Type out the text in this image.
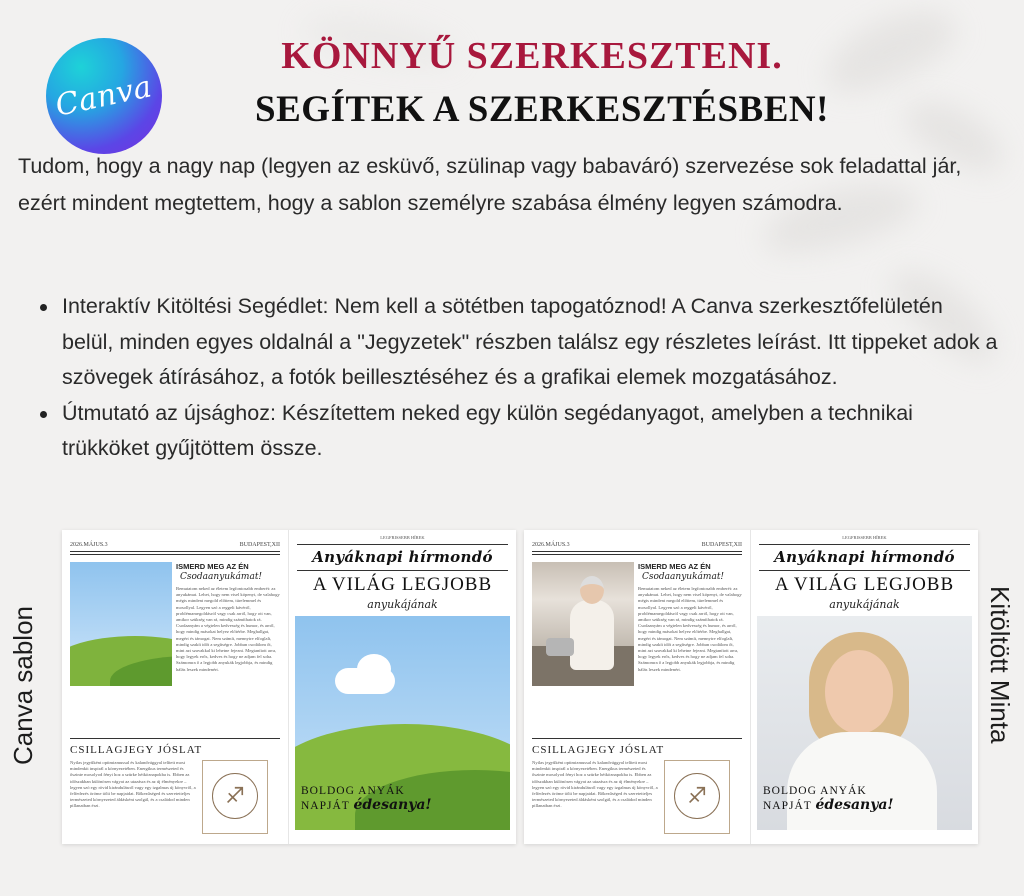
Canva
KÖNNYŰ SZERKESZTENI.
SEGÍTEK A SZERKESZTÉSBEN!

Tudom, hogy a nagy nap (legyen az esküvő, szülinap vagy babaváró) szervezése sok feladattal jár, ezért mindent megtettem, hogy a sablon személyre szabása élmény legyen számodra.

Interaktív Kitöltési Segédlet: Nem kell a sötétben tapogatóznod! A Canva szerkesztőfelületén belül, minden egyes oldalnál a "Jegyzetek" részben találsz egy részletes leírást. Itt tippeket adok a szövegek átírásához, a fotók beillesztéséhez és a grafikai elemek mozgatásához.
Útmutató az újsághoz: Készítettem neked egy külön segédanyagot, amelyben a technikai trükköket gyűjtöttem össze.
Canva sablon	Kitöltött Minta
2026.MÁJUS.3	BUDAPEST,XII
ISMERD MEG AZ ÉN
Csodaanyukámat!
Bemutatom neked az életem legfontosabb emberét: az anyukámat. Lehet, hogy nem visel köpenyt, de valahogy mégis mindent megold előttem, türelemmel és mosollyal. Legyen szó a reggeli kávéról, problémamegoldásról vagy csak arról, hogy ott van, amikor szükség van rá, mindig számíthatok rá. Csodaanyám a végtelen kedvesség és humor, és arról, hogy mindig másokat helyez előtérbe. Meghallgat, megért és támogat. Nem számít, mennyire elfoglalt, mindig szakít időt a segítségre. Jobban csodálom őt, mint azt szavakkal ki lehetne fejezni. Megtanított arra, hogy legyek erős, kedves és hogy ne adjam fel soha. Számomra ő a legjobb anyukák legjobbja, és mindig hálás leszek mindenért.
CSILLAGJEGY JÓSLAT
Nyilas jegyűként optimizmussal és kalandvággyal telített most mindenkit inspirál a környezetében. Energikus természeted és őszinte mosolyod fényt hoz a szürke hétköznapokba is. Ebben az időszakban különösen vágyat az utazásra és az új élményekre – legyen szó egy rövid kirándulásról vagy egy izgalmas új könyvről, a felfedezés öröme tölti be napjaidat. Bőkezűséged és szeretetteljes természeted környezeted áldásként szolgál, és a családod minden pillanatban érzi.	♐
LEGFRISSEBB HÍREK
Anyáknapi hírmondó
A VILÁG LEGJOBB
anyukájának
BOLDOG ANYÁK
NAPJÁT édesanya!
2026.MÁJUS.3	BUDAPEST,XII
ISMERD MEG AZ ÉN
Csodaanyukámat!
Bemutatom neked az életem legfontosabb emberét: az anyukámat. Lehet, hogy nem visel köpenyt, de valahogy mégis mindent megold előttem, türelemmel és mosollyal. Legyen szó a reggeli kávéról, problémamegoldásról vagy csak arról, hogy ott van, amikor szükség van rá, mindig számíthatok rá. Csodaanyám a végtelen kedvesség és humor, és arról, hogy mindig másokat helyez előtérbe. Meghallgat, megért és támogat. Nem számít, mennyire elfoglalt, mindig szakít időt a segítségre. Jobban csodálom őt, mint azt szavakkal ki lehetne fejezni. Megtanított arra, hogy legyek erős, kedves és hogy ne adjam fel soha. Számomra ő a legjobb anyukák legjobbja, és mindig hálás leszek mindenért.
CSILLAGJEGY JÓSLAT
Nyilas jegyűként optimizmussal és kalandvággyal telített most mindenkit inspirál a környezetében. Energikus természeted és őszinte mosolyod fényt hoz a szürke hétköznapokba is. Ebben az időszakban különösen vágyat az utazásra és az új élményekre – legyen szó egy rövid kirándulásról vagy egy izgalmas új könyvről, a felfedezés öröme tölti be napjaidat. Bőkezűséged és szeretetteljes természeted környezeted áldásként szolgál, és a családod minden pillanatban érzi.	♐
LEGFRISSEBB HÍREK
Anyáknapi hírmondó
A VILÁG LEGJOBB
anyukájának
BOLDOG ANYÁK
NAPJÁT édesanya!
